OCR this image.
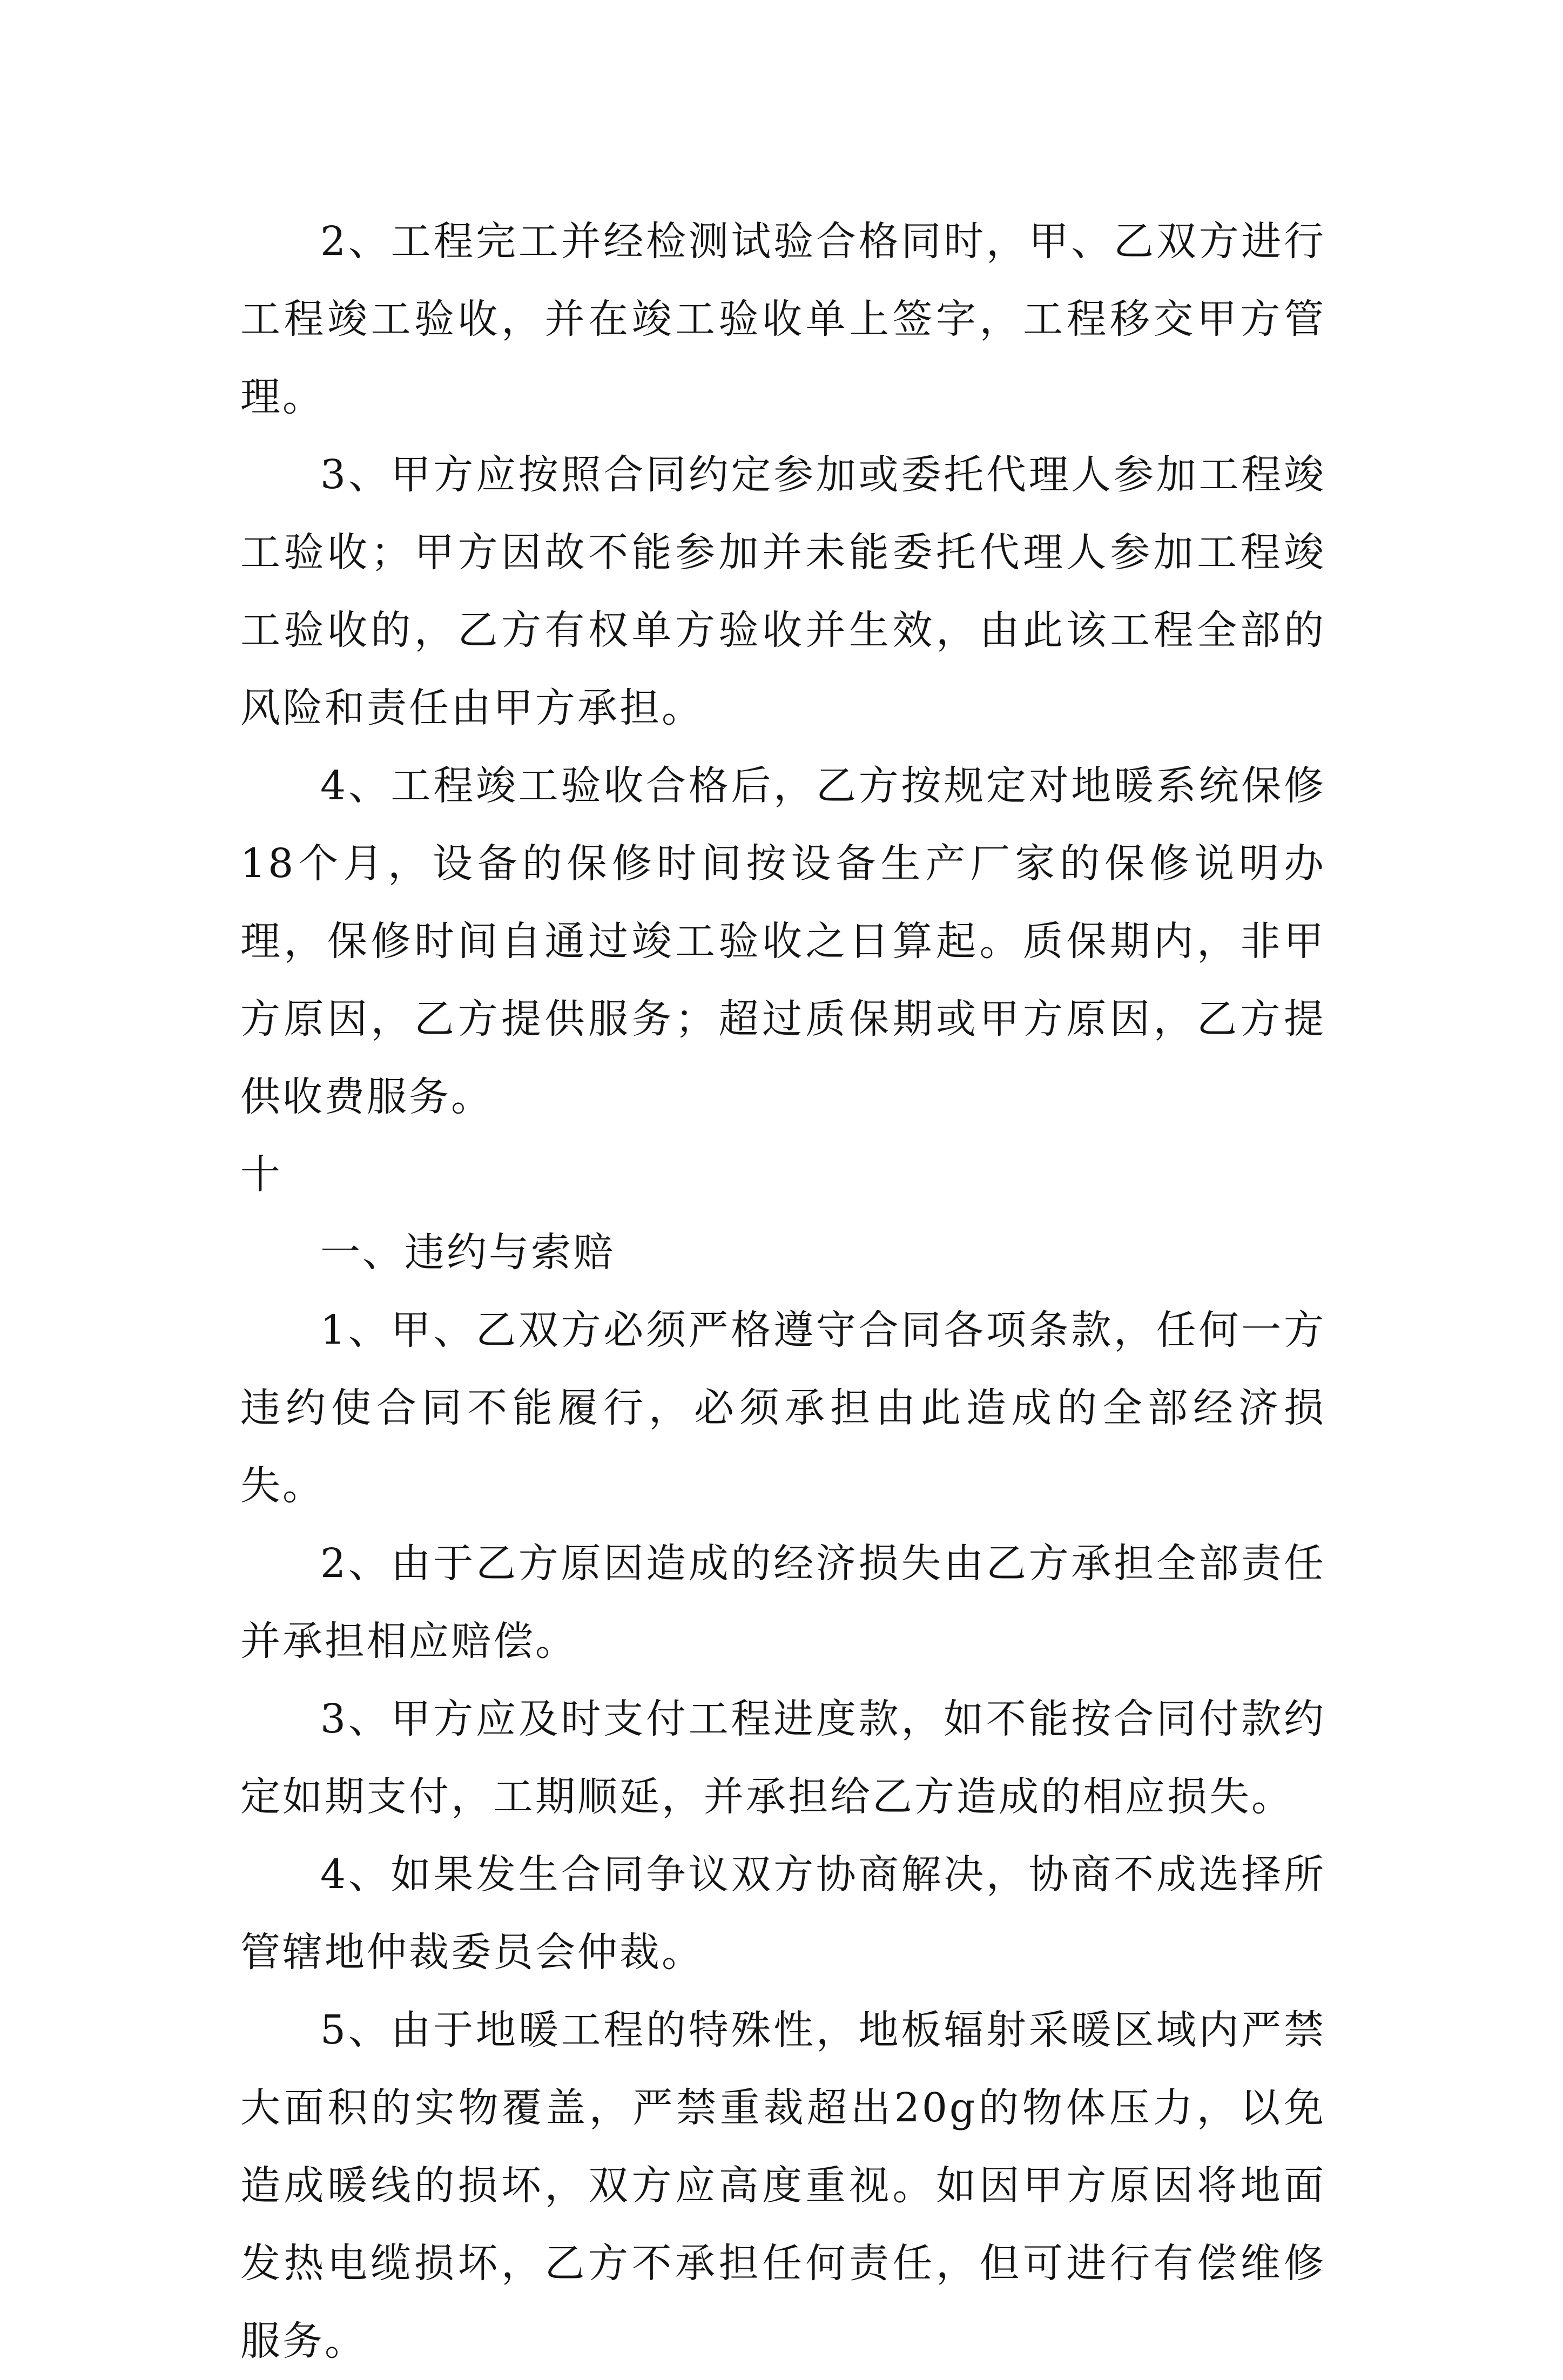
2、工程完工并经检测试验合格同时，甲、乙双方进行工程竣工验收，并在竣工验收单上签字，工程移交甲方管理。

3、甲方应按照合同约定参加或委托代理人参加工程竣工验收；甲方因故不能参加并未能委托代理人参加工程竣工验收的，乙方有权单方验收并生效，由此该工程全部的风险和责任由甲方承担。

4、工程竣工验收合格后，乙方按规定对地暖系统保修18个月，设备的保修时间按设备生产厂家的保修说明办理，保修时间自通过竣工验收之日算起。质保期内，非甲方原因，乙方提供服务；超过质保期或甲方原因，乙方提供收费服务。

十

一、违约与索赔

1、甲、乙双方必须严格遵守合同各项条款，任何一方违约使合同不能履行，必须承担由此造成的全部经济损失。

2、由于乙方原因造成的经济损失由乙方承担全部责任并承担相应赔偿。

3、甲方应及时支付工程进度款，如不能按合同付款约定如期支付，工期顺延，并承担给乙方造成的相应损失。

4、如果发生合同争议双方协商解决，协商不成选择所管辖地仲裁委员会仲裁。

5、由于地暖工程的特殊性，地板辐射采暖区域内严禁大面积的实物覆盖，严禁重裁超出20g的物体压力，以免造成暖线的损坏，双方应高度重视。如因甲方原因将地面发热电缆损坏，乙方不承担任何责任，但可进行有偿维修服务。
